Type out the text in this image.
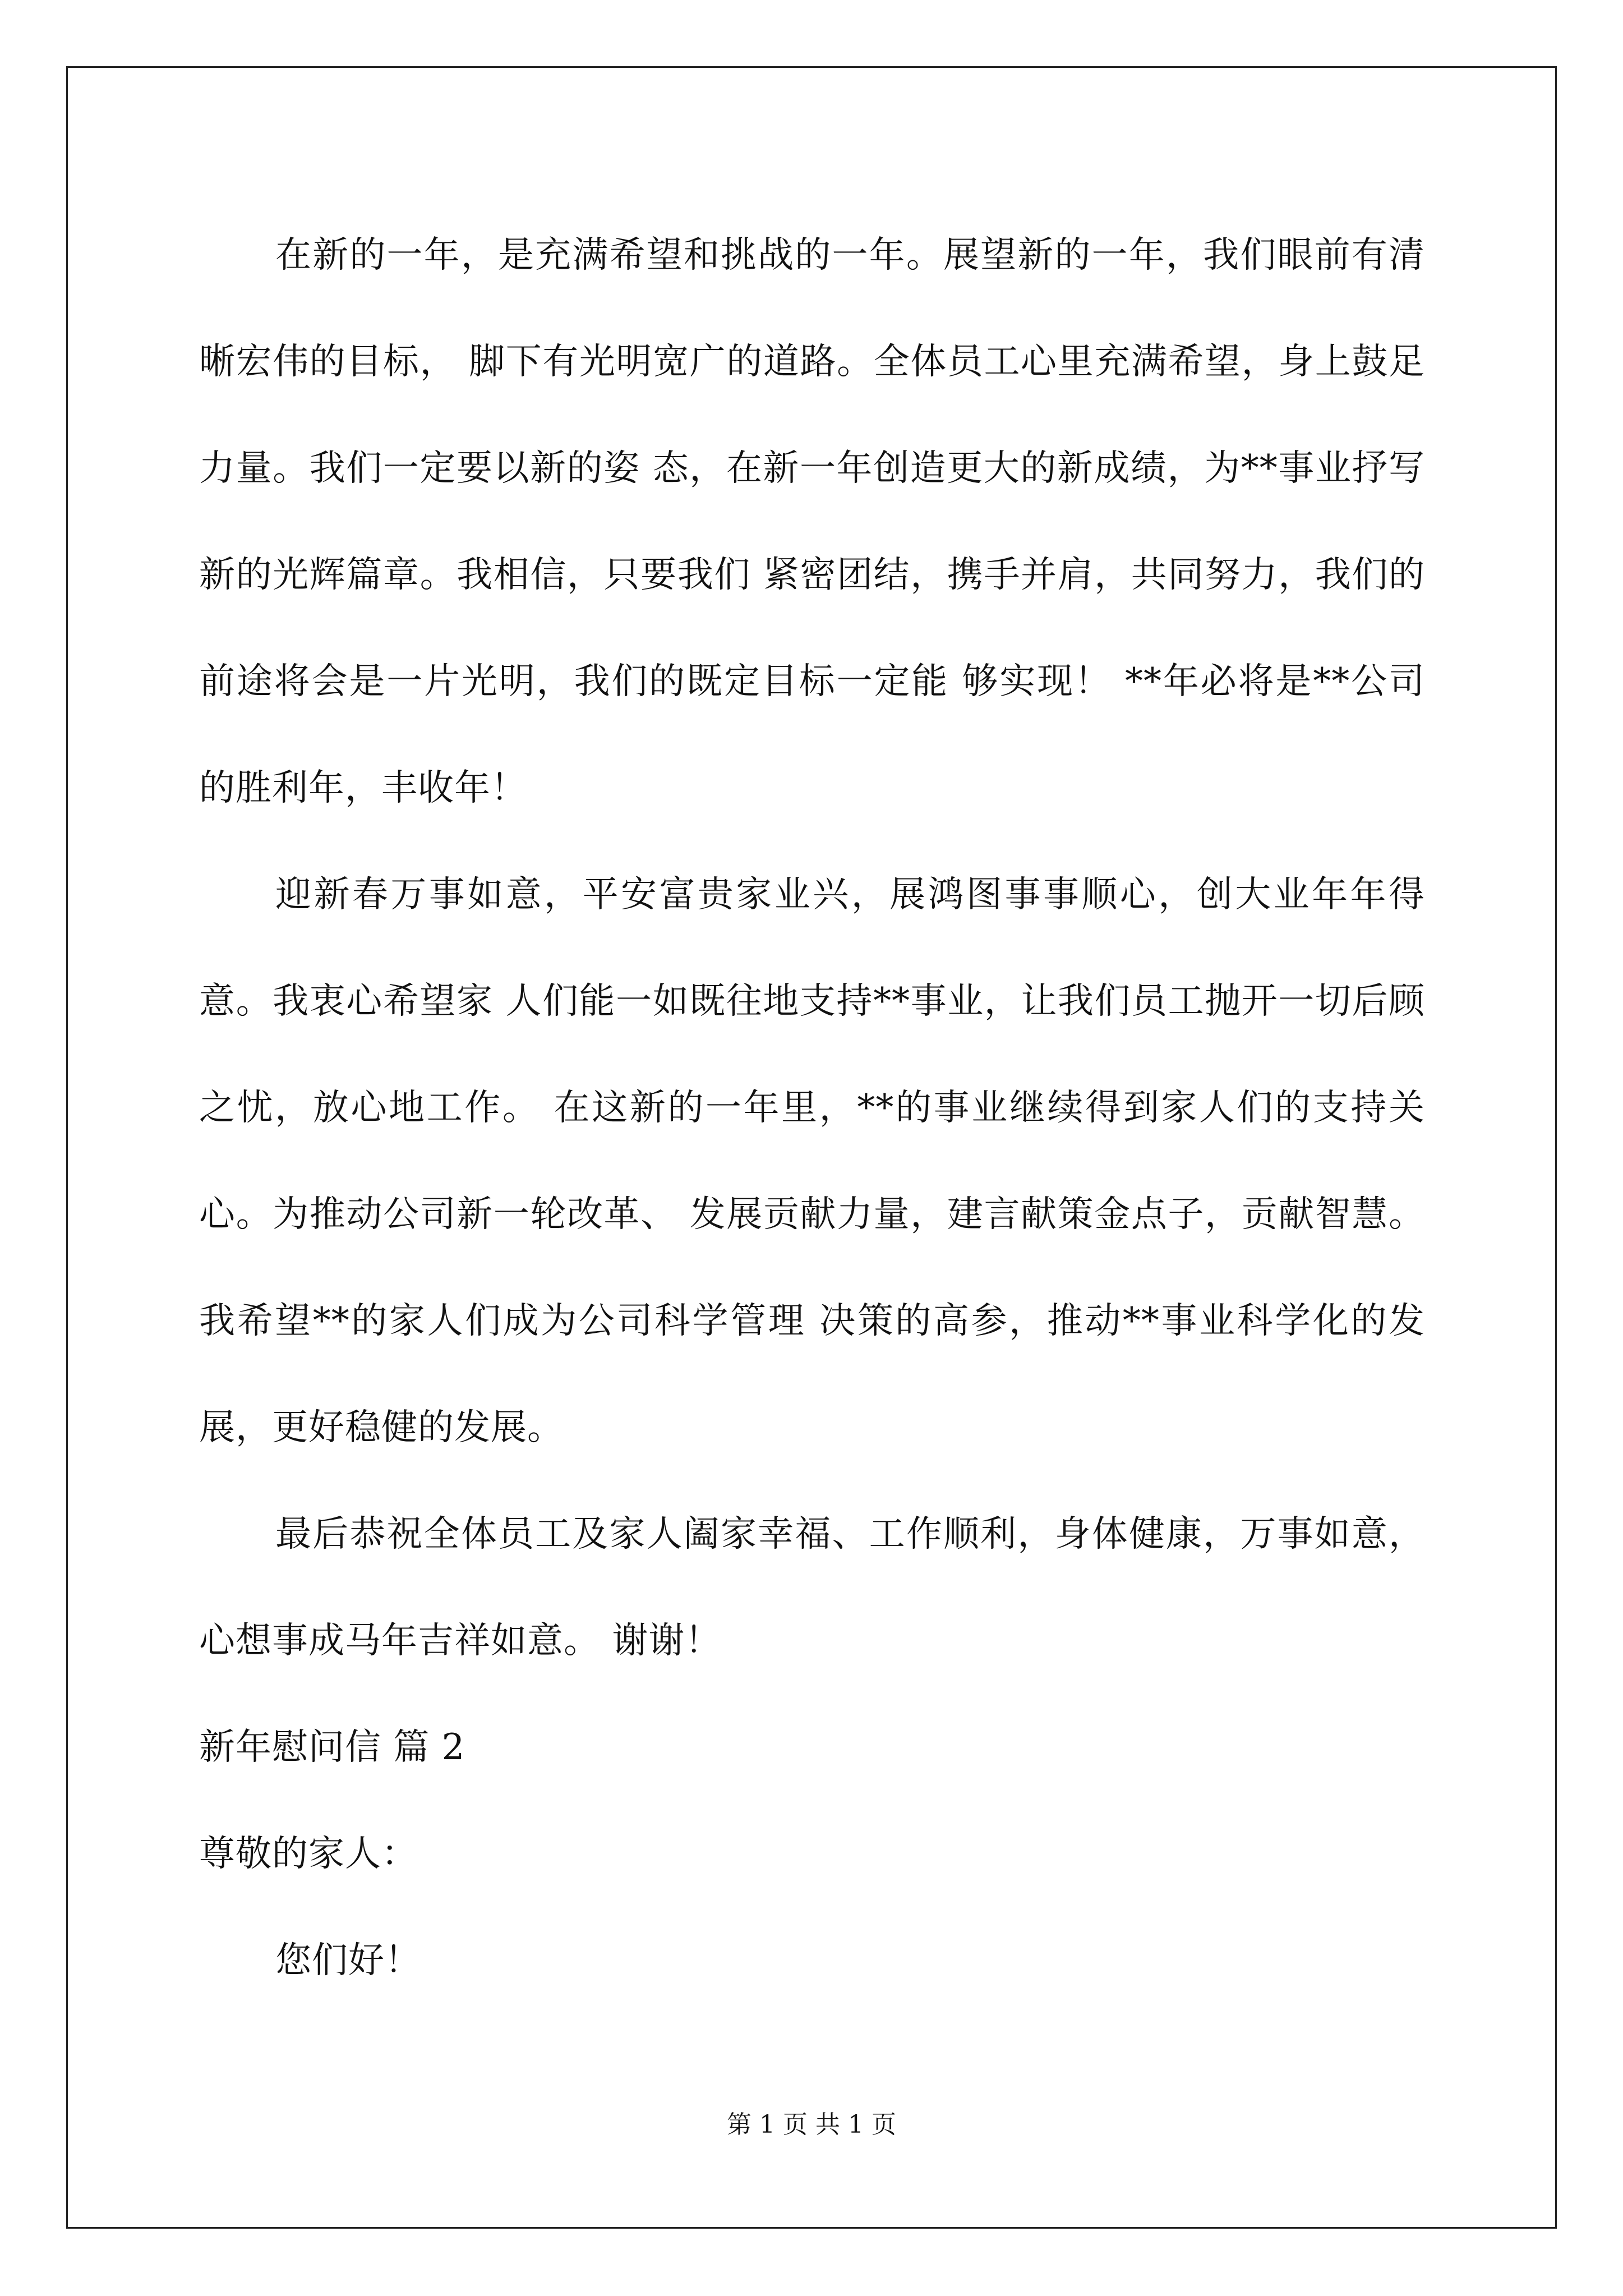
在新的一年，是充满希望和挑战的一年。展望新的一年，我们眼前有清晰宏伟的目标， 脚下有光明宽广的道路。全体员工心里充满希望，身上鼓足力量。我们一定要以新的姿 态，在新一年创造更大的新成绩，为**事业抒写新的光辉篇章。我相信，只要我们 紧密团结，携手并肩，共同努力，我们的前途将会是一片光明，我们的既定目标一定能 够实现！ **年必将是**公司的胜利年，丰收年！

迎新春万事如意，平安富贵家业兴，展鸿图事事顺心，创大业年年得意。我衷心希望家 人们能一如既往地支持**事业，让我们员工抛开一切后顾之忧，放心地工作。 在这新的一年里，**的事业继续得到家人们的支持关心。为推动公司新一轮改革、 发展贡献力量，建言献策金点子，贡献智慧。我希望**的家人们成为公司科学管理 决策的高参，推动**事业科学化的发展，更好稳健的发展。

最后恭祝全体员工及家人阖家幸福、工作顺利，身体健康，万事如意，心想事成马年吉祥如意。 谢谢！

新年慰问信 篇 2

尊敬的家人：

您们好！

第 1 页 共 1 页
